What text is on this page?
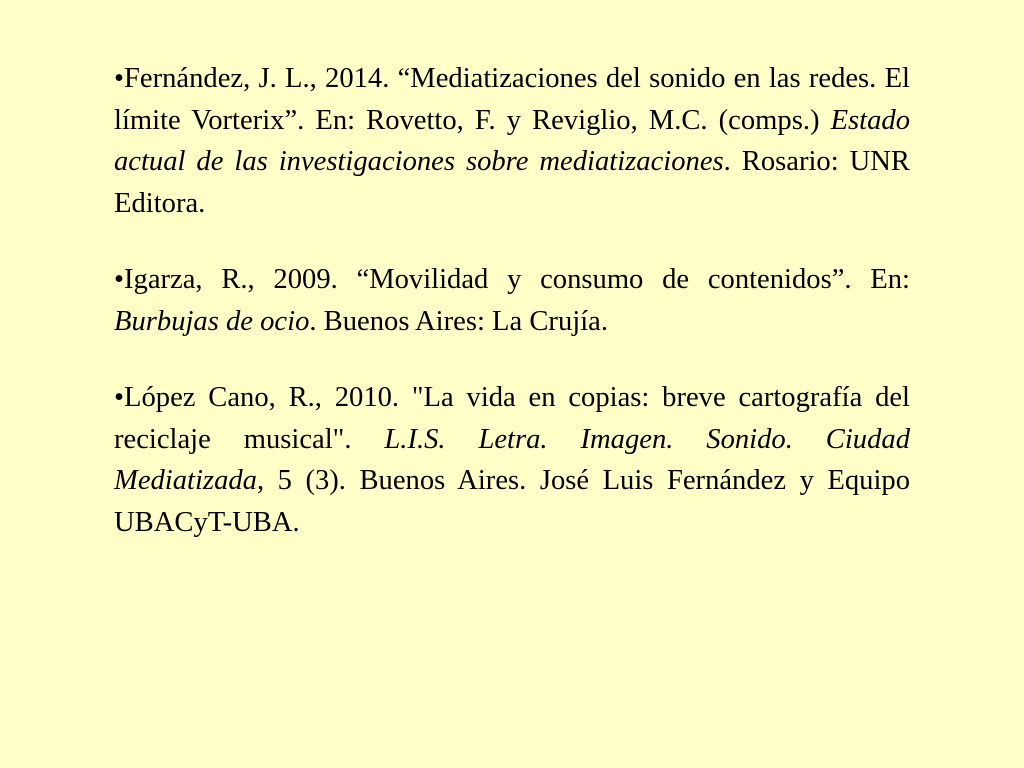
•Fernández, J. L., 2014. “Mediatizaciones del sonido en las redes. El límite Vorterix”. En: Rovetto, F. y Reviglio, M.C. (comps.) Estado actual de las investigaciones sobre mediatizaciones. Rosario: UNR Editora.

•Igarza, R., 2009. “Movilidad y consumo de contenidos”. En: Burbujas de ocio. Buenos Aires: La Crujía.

•López Cano, R., 2010. "La vida en copias: breve cartografía del reciclaje musical". L.I.S. Letra. Imagen. Sonido. Ciudad Mediatizada, 5 (3). Buenos Aires. José Luis Fernández y Equipo UBACyT-UBA.
